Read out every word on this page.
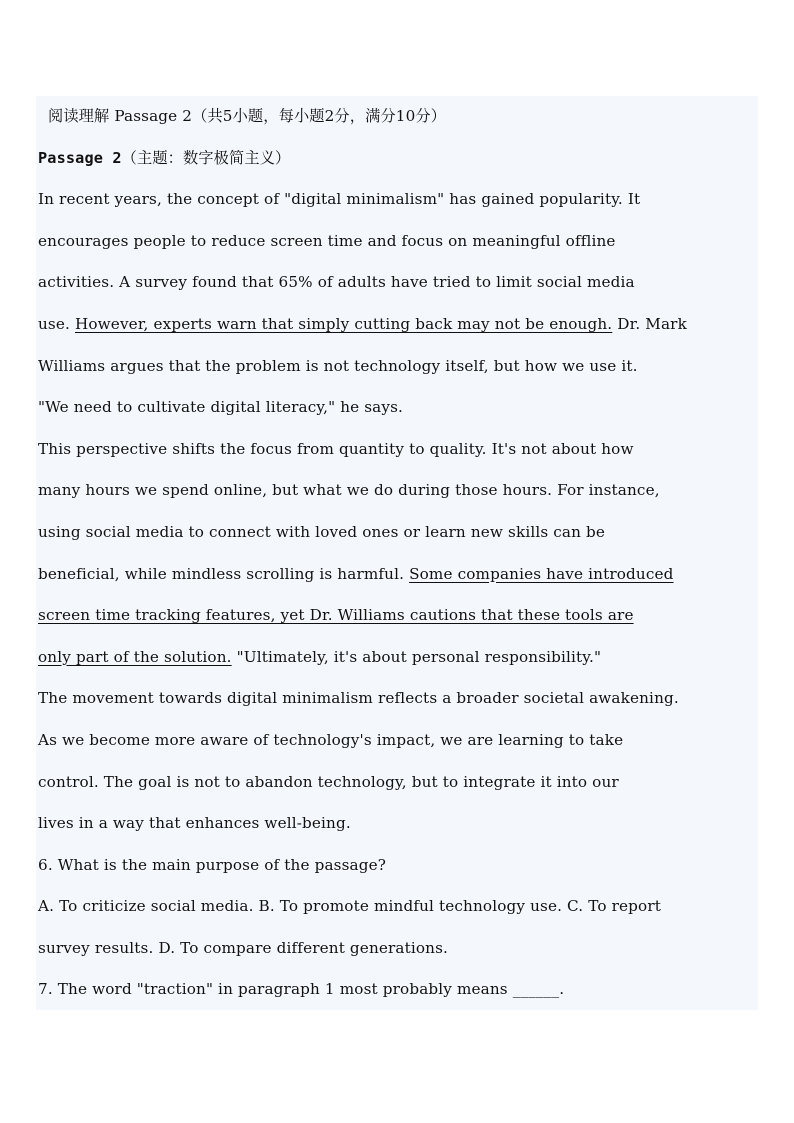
阅读理解 Passage 2（共5小题，每小题2分，满分10分）
Passage 2（主题：数字极简主义）
In recent years, the concept of "digital minimalism" has gained popularity. It
encourages people to reduce screen time and focus on meaningful offline
activities. A survey found that 65% of adults have tried to limit social media
use. However, experts warn that simply cutting back may not be enough. Dr. Mark
Williams argues that the problem is not technology itself, but how we use it.
"We need to cultivate digital literacy," he says.
This perspective shifts the focus from quantity to quality. It's not about how
many hours we spend online, but what we do during those hours. For instance,
using social media to connect with loved ones or learn new skills can be
beneficial, while mindless scrolling is harmful. Some companies have introduced
screen time tracking features, yet Dr. Williams cautions that these tools are
only part of the solution. "Ultimately, it's about personal responsibility."
The movement towards digital minimalism reflects a broader societal awakening.
As we become more aware of technology's impact, we are learning to take
control. The goal is not to abandon technology, but to integrate it into our
lives in a way that enhances well-being.
6. What is the main purpose of the passage?
A. To criticize social media. B. To promote mindful technology use. C. To report
survey results. D. To compare different generations.
7. The word "traction" in paragraph 1 most probably means ______.
